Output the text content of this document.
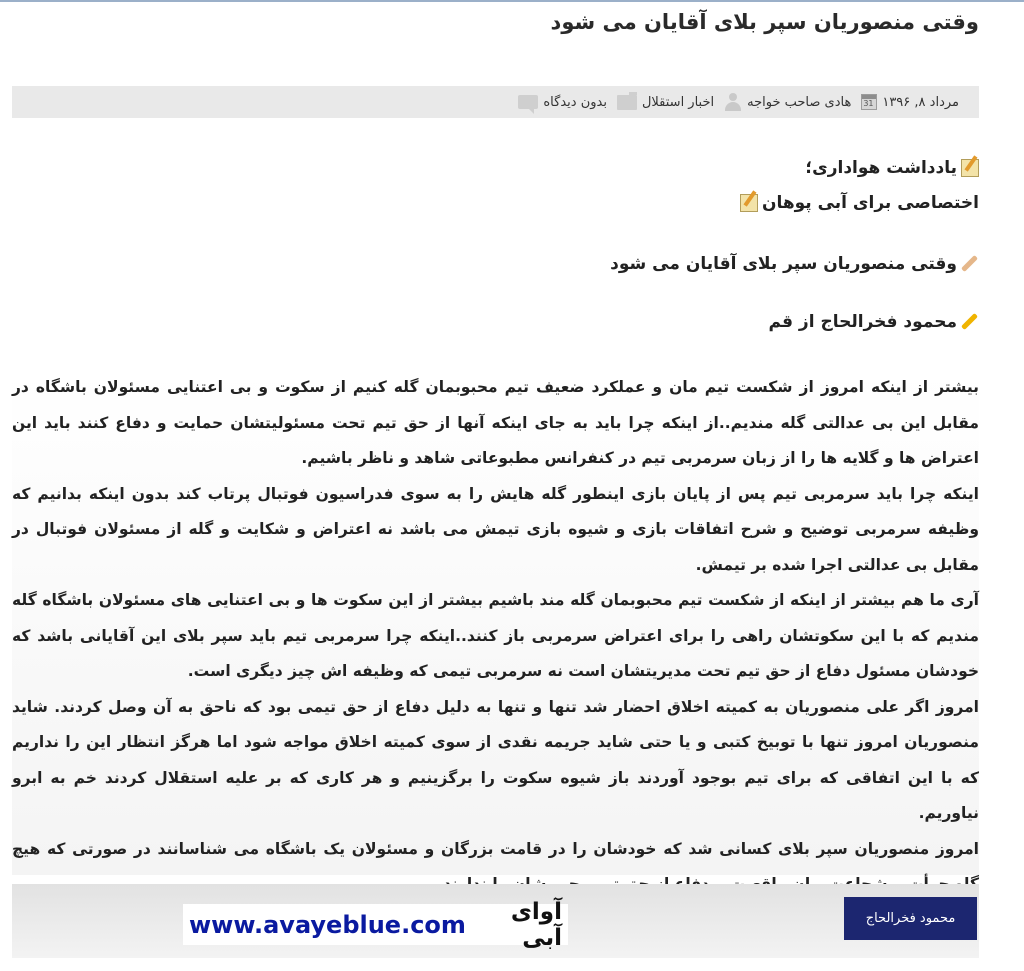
وقتی منصوریان سپر بلای آقایان می شود
مرداد ۸, ۱۳۹۶
31
هادی صاحب خواجه
اخبار استقلال
بدون دیدگاه
یادداشت هواداری؛
اختصاصی برای آبی پوهان
وقتی منصوریان سپر بلای آقایان می شود
محمود فخرالحاج از قم

بیشتر از اینکه امروز از شکست تیم مان و عملکرد ضعیف تیم محبوبمان گله کنیم از سکوت و بی اعتنایی مسئولان باشگاه در مقابل این بی عدالتی گله مندیم..از اینکه چرا باید به جای اینکه آنها از حق تیم تحت مسئولیتشان حمایت و دفاع کنند باید این اعتراض ها و گلایه ها را از زبان سرمربی تیم در کنفرانس مطبوعاتی شاهد و ناظر باشیم.

اینکه چرا باید سرمربی تیم پس از پایان بازی اینطور گله هایش را به سوی فدراسیون فوتبال پرتاب کند بدون اینکه بدانیم که وظیفه سرمربی توضیح و شرح اتفاقات بازی و شیوه بازی تیمش می باشد نه اعتراض و شکایت و گله از مسئولان فوتبال در مقابل بی عدالتی اجرا شده بر تیمش.

آری ما هم بیشتر از اینکه از شکست تیم محبوبمان گله مند باشیم بیشتر از این سکوت ها و بی اعتنایی های مسئولان باشگاه گله مندیم که با این سکوتشان راهی را برای اعتراض سرمربی باز کنند..اینکه چرا سرمربی تیم باید سپر بلای این آقایانی باشد که خودشان مسئول دفاع از حق تیم تحت مدیریتشان است نه سرمربی تیمی که وظیفه اش چیز دیگری است.

امروز اگر علی منصوریان به کمیته اخلاق احضار شد تنها و تنها به دلیل دفاع از حق تیمی بود که ناحق به آن وصل کردند. شاید منصوریان امروز تنها با توبیخ کتبی و یا حتی شاید جریمه نقدی از سوی کمیته اخلاق مواجه شود اما هرگز انتظار این را نداریم که با این اتفاقی که برای تیم بوجود آوردند باز شیوه سکوت را برگزینیم و هر کاری که بر علیه استقلال کردند خم به ابرو نیاوریم.

امروز منصوریان سپر بلای کسانی شد که خودشان را در قامت بزرگان و مسئولان یک باشگاه می شناسانند در صورتی که هیچ

محمود فخرالحاج
www.avayeblue.com	آوای آبی
